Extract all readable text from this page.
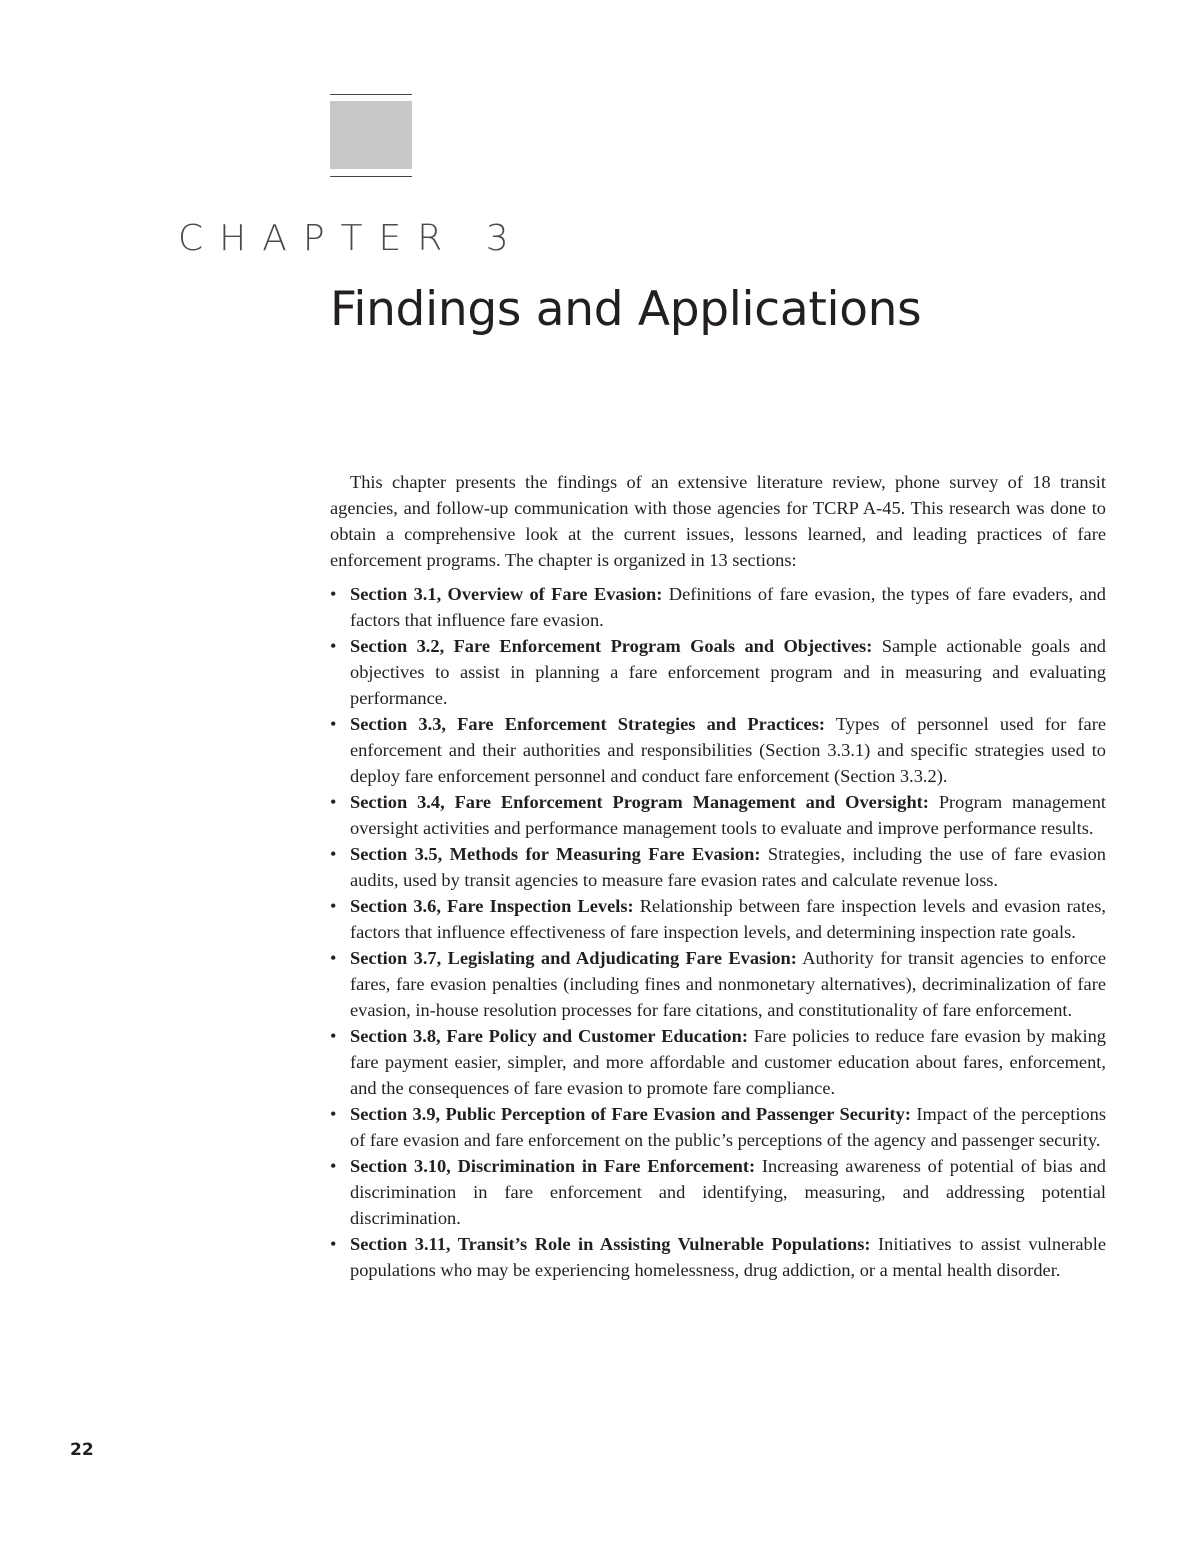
CHAPTER 3
Findings and Applications

This chapter presents the findings of an extensive literature review, phone survey of 18 transit agencies, and follow-up communication with those agencies for TCRP A-45. This research was done to obtain a comprehensive look at the current issues, lessons learned, and leading practices of fare enforcement programs. The chapter is organized in 13 sections:

• Section 3.1, Overview of Fare Evasion: Definitions of fare evasion, the types of fare evaders, and factors that influence fare evasion.
• Section 3.2, Fare Enforcement Program Goals and Objectives: Sample actionable goals and objectives to assist in planning a fare enforcement program and in measuring and evaluating performance.
• Section 3.3, Fare Enforcement Strategies and Practices: Types of personnel used for fare enforcement and their authorities and responsibilities (Section 3.3.1) and specific strategies used to deploy fare enforcement personnel and conduct fare enforcement (Section 3.3.2).
• Section 3.4, Fare Enforcement Program Management and Oversight: Program management oversight activities and performance management tools to evaluate and improve performance results.
• Section 3.5, Methods for Measuring Fare Evasion: Strategies, including the use of fare evasion audits, used by transit agencies to measure fare evasion rates and calculate revenue loss.
• Section 3.6, Fare Inspection Levels: Relationship between fare inspection levels and evasion rates, factors that influence effectiveness of fare inspection levels, and determining inspection rate goals.
• Section 3.7, Legislating and Adjudicating Fare Evasion: Authority for transit agencies to enforce fares, fare evasion penalties (including fines and nonmonetary alternatives), decriminalization of fare evasion, in-house resolution processes for fare citations, and constitutionality of fare enforcement.
• Section 3.8, Fare Policy and Customer Education: Fare policies to reduce fare evasion by making fare payment easier, simpler, and more affordable and customer education about fares, enforcement, and the consequences of fare evasion to promote fare compliance.
• Section 3.9, Public Perception of Fare Evasion and Passenger Security: Impact of the perceptions of fare evasion and fare enforcement on the public’s perceptions of the agency and passenger security.
• Section 3.10, Discrimination in Fare Enforcement: Increasing awareness of potential of bias and discrimination in fare enforcement and identifying, measuring, and addressing potential discrimination.
• Section 3.11, Transit’s Role in Assisting Vulnerable Populations: Initiatives to assist vulnerable populations who may be experiencing homelessness, drug addiction, or a mental health disorder.
22
